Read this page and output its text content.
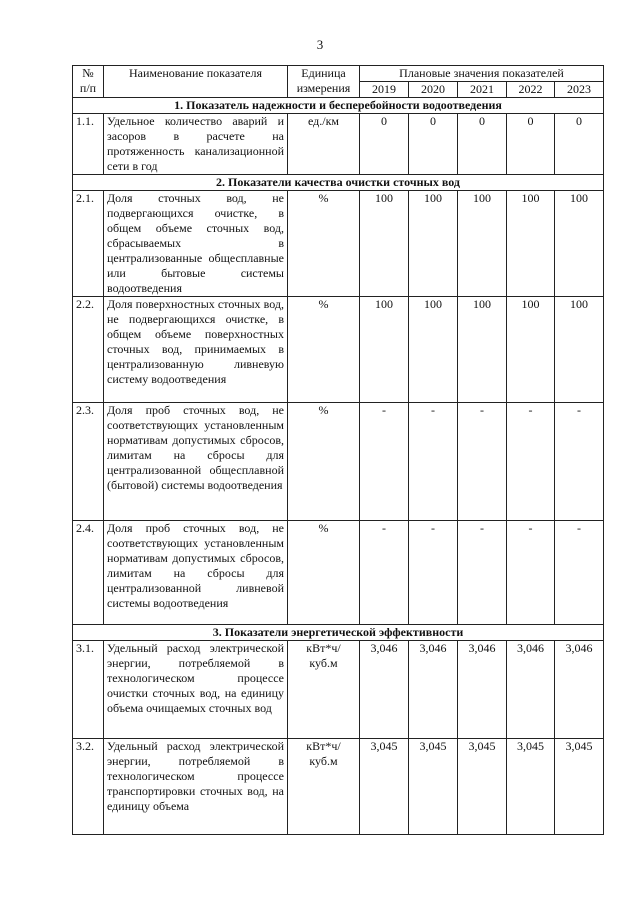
3
№ п/п	Наименование показателя	Единица измерения	Плановые значения показателей				
			2019	2020	2021	2022	2023
1. Показатель надежности и бесперебойности водоотведения							
1.1.	Удельное количество аварий и засоров в расчете на протяженность канализационной сети в год	ед./км	0	0	0	0	0
2. Показатели качества очистки сточных вод							
2.1.	Доля сточных вод, не подвергающихся очистке, в общем объеме сточных вод, сбрасываемых в централизованные общесплавные или бытовые системы водоотведения	%	100	100	100	100	100
2.2.	Доля поверхностных сточных вод, не подвергающихся очистке, в общем объеме поверхностных сточных вод, принимаемых в централизованную ливневую систему водоотведения	%	100	100	100	100	100
2.3.	Доля проб сточных вод, не соответствующих установленным нормативам допустимых сбросов, лимитам на сбросы для централизованной общесплавной (бытовой) системы водоотведения	%	-	-	-	-	-
2.4.	Доля проб сточных вод, не соответствующих установленным нормативам допустимых сбросов, лимитам на сбросы для централизованной ливневой системы водоотведения	%	-	-	-	-	-
3. Показатели энергетической эффективности							
3.1.	Удельный расход электрической энергии, потребляемой в технологическом процессе очистки сточных вод, на единицу объема очищаемых сточных вод	кВт*ч/ куб.м	3,046	3,046	3,046	3,046	3,046
3.2.	Удельный расход электрической энергии, потребляемой в технологическом процессе транспортировки сточных вод, на единицу объема	кВт*ч/ куб.м	3,045	3,045	3,045	3,045	3,045
